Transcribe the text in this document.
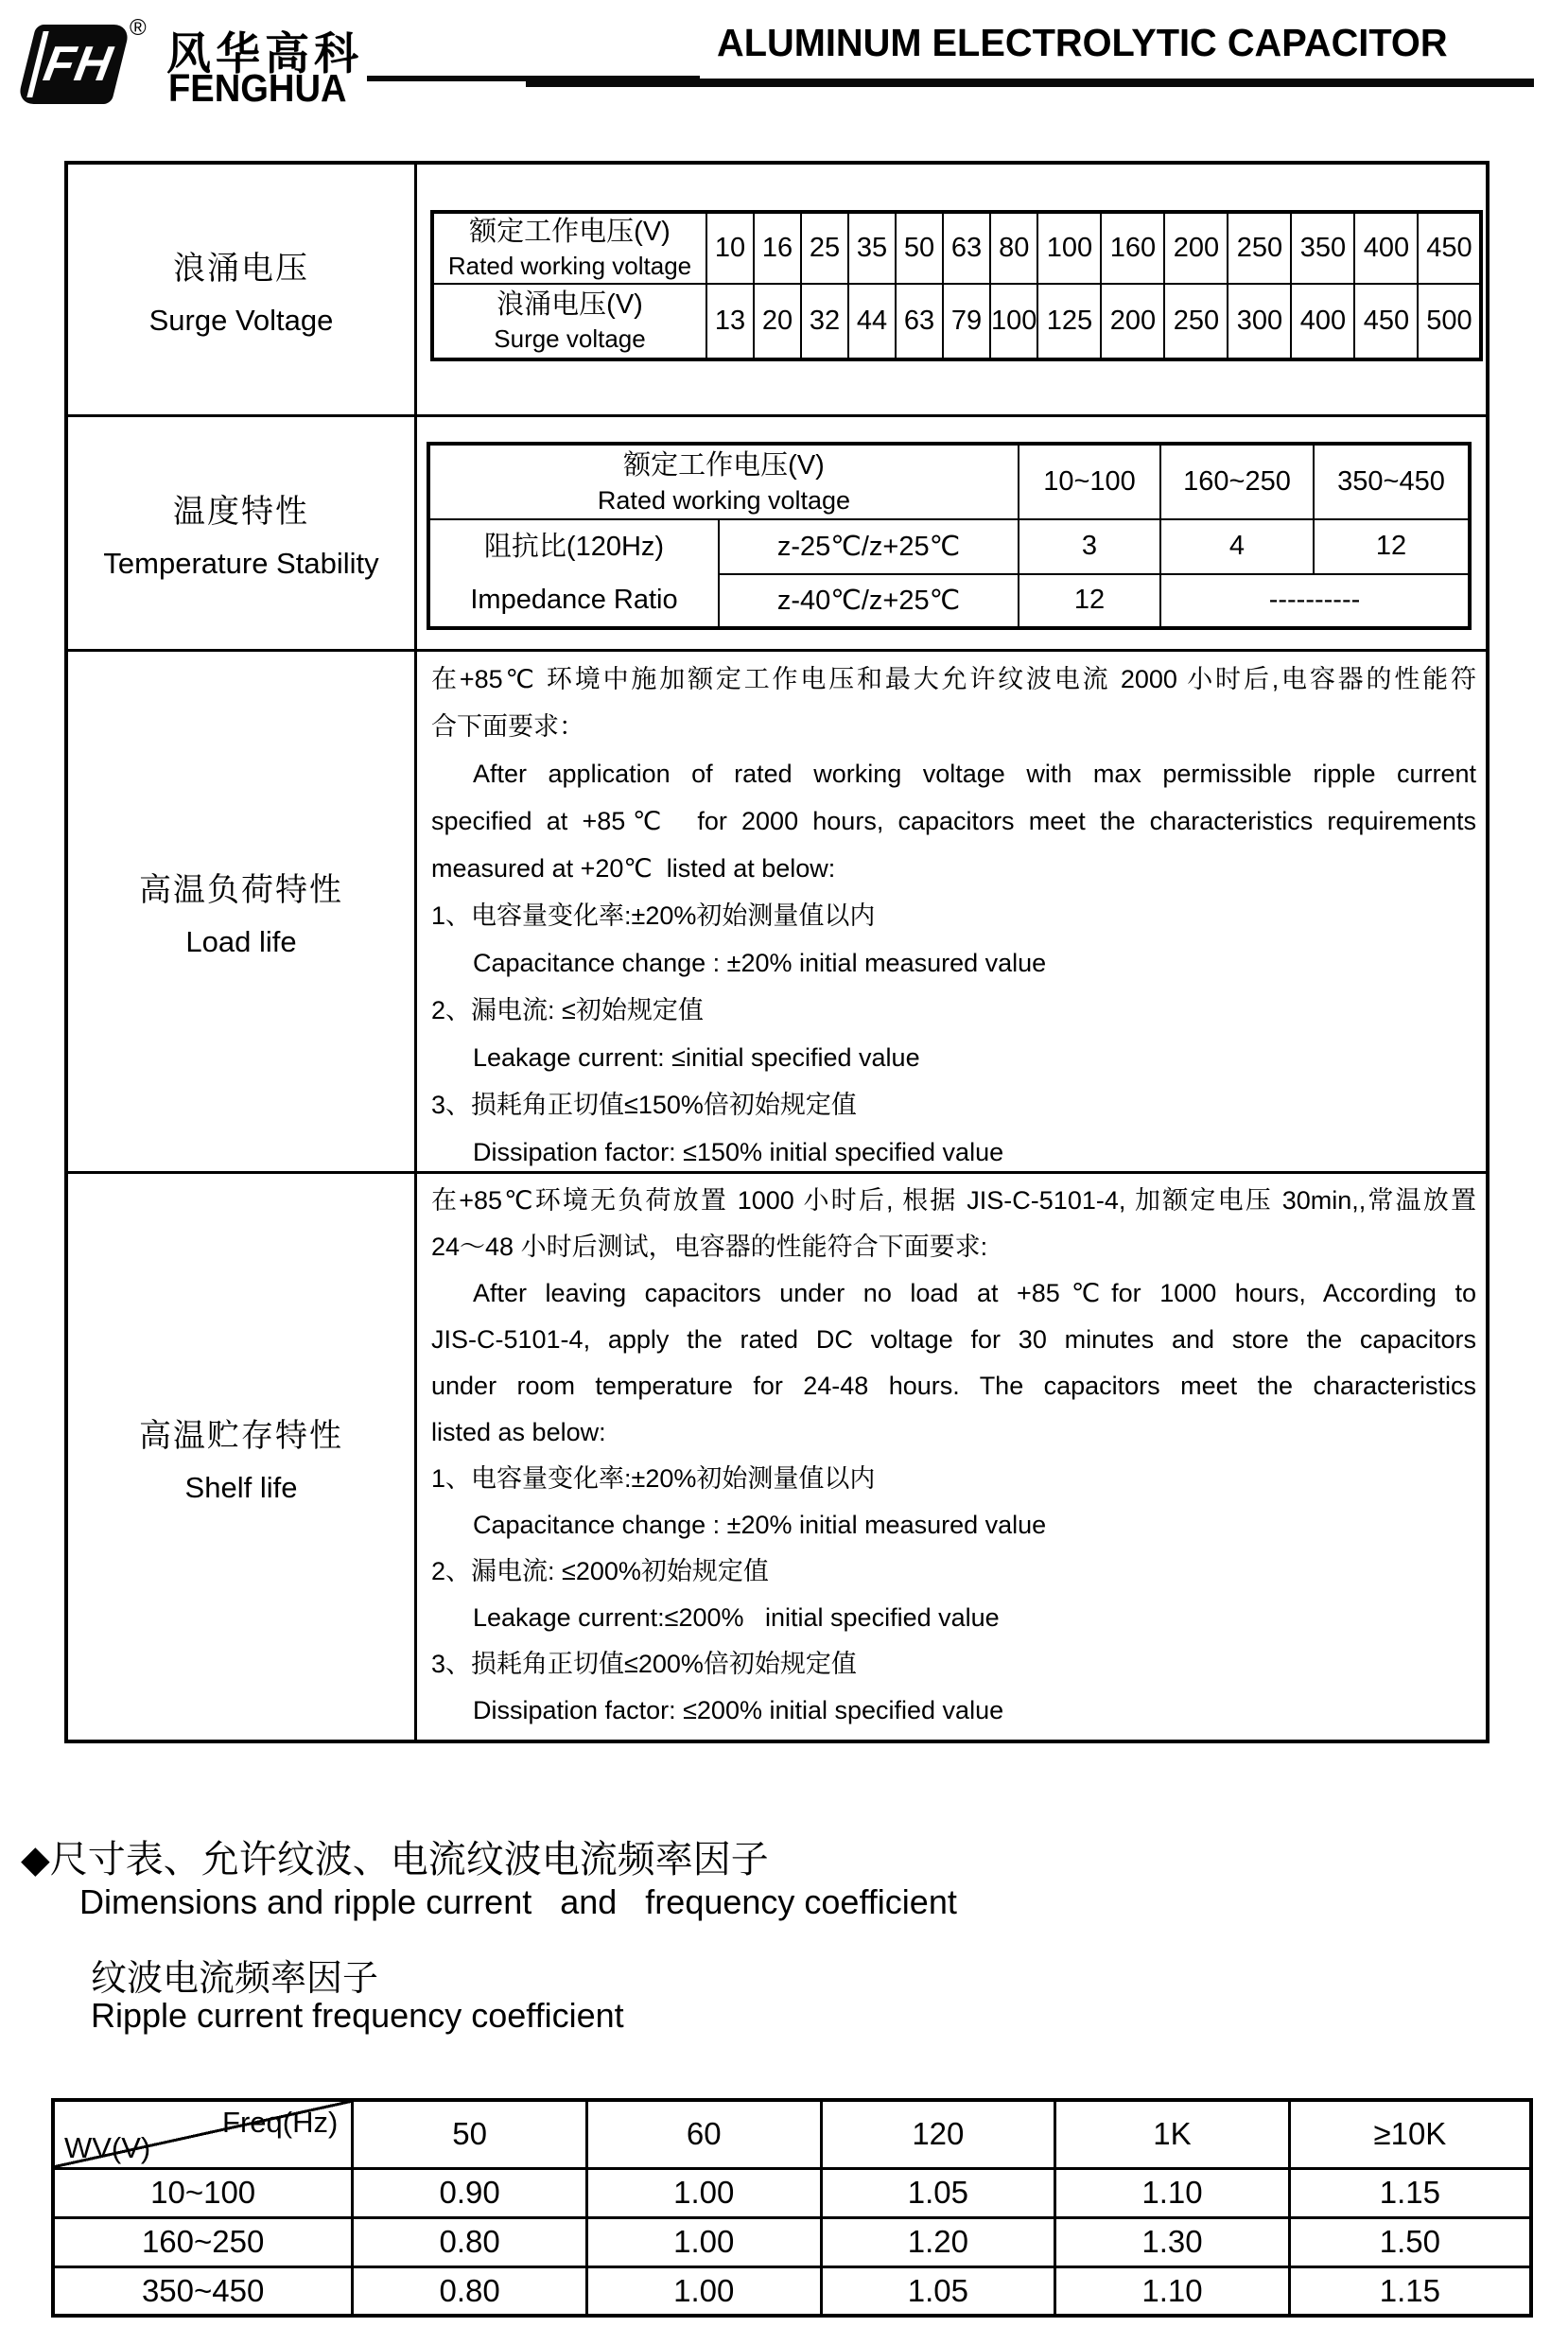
FH
®
风华高科
FENGHUA
ALUMINUM ELECTROLYTIC CAPACITOR
浪涌电压
Surge Voltage
额定工作电压(V)
Rated working voltage	10	16	25	35	50	63	80	100	160	200	250	350	400	450

浪涌电压(V)
Surge voltage	13	20	32	44	63	79	100	125	200	250	300	400	450	500
温度特性
Temperature Stability
额定工作电压(V)
Rated working voltage		10~100	160~250	350~450

阻抗比(120Hz)
Impedance Ratio	z-25℃/z+25℃	3	4	12
	z-40℃/z+25℃	12	----------	
高温负荷特性
Load life
在+85℃ 环境中施加额定工作电压和最大允许纹波电流 2000 小时后,电容器的性能符
合下面要求：
After application of rated working voltage with max permissible ripple current
specified at +85℃  for 2000 hours, capacitors meet the characteristics requirements
measured at +20℃  listed at below:
1、电容量变化率:±20%初始测量值以内
Capacitance change : ±20% initial measured value
2、漏电流: ≤初始规定值
Leakage current: ≤initial specified value
3、损耗角正切值≤150%倍初始规定值
Dissipation factor: ≤150% initial specified value
高温贮存特性
Shelf life
在+85℃环境无负荷放置 1000 小时后, 根据 JIS-C-5101-4, 加额定电压 30min,,常温放置
24～48 小时后测试，电容器的性能符合下面要求:
After leaving capacitors under no load at +85℃for 1000 hours, According to
JIS-C-5101-4, apply the rated DC voltage for 30 minutes and store the capacitors
under room temperature for 24-48 hours. The capacitors meet the characteristics
listed as below:
1、电容量变化率:±20%初始测量值以内
Capacitance change : ±20% initial measured value
2、漏电流: ≤200%初始规定值
Leakage current:≤200%   initial specified value
3、损耗角正切值≤200%倍初始规定值
Dissipation factor: ≤200% initial specified value
◆尺寸表、允许纹波、电流纹波电流频率因子
Dimensions and ripple current   and   frequency coefficient
纹波电流频率因子
Ripple current frequency coefficient
Freq(Hz)
WV(V)	50	60	120	1K	≥10K
10~100	0.90	1.00	1.05	1.10	1.15
160~250	0.80	1.00	1.20	1.30	1.50
350~450	0.80	1.00	1.05	1.10	1.15
